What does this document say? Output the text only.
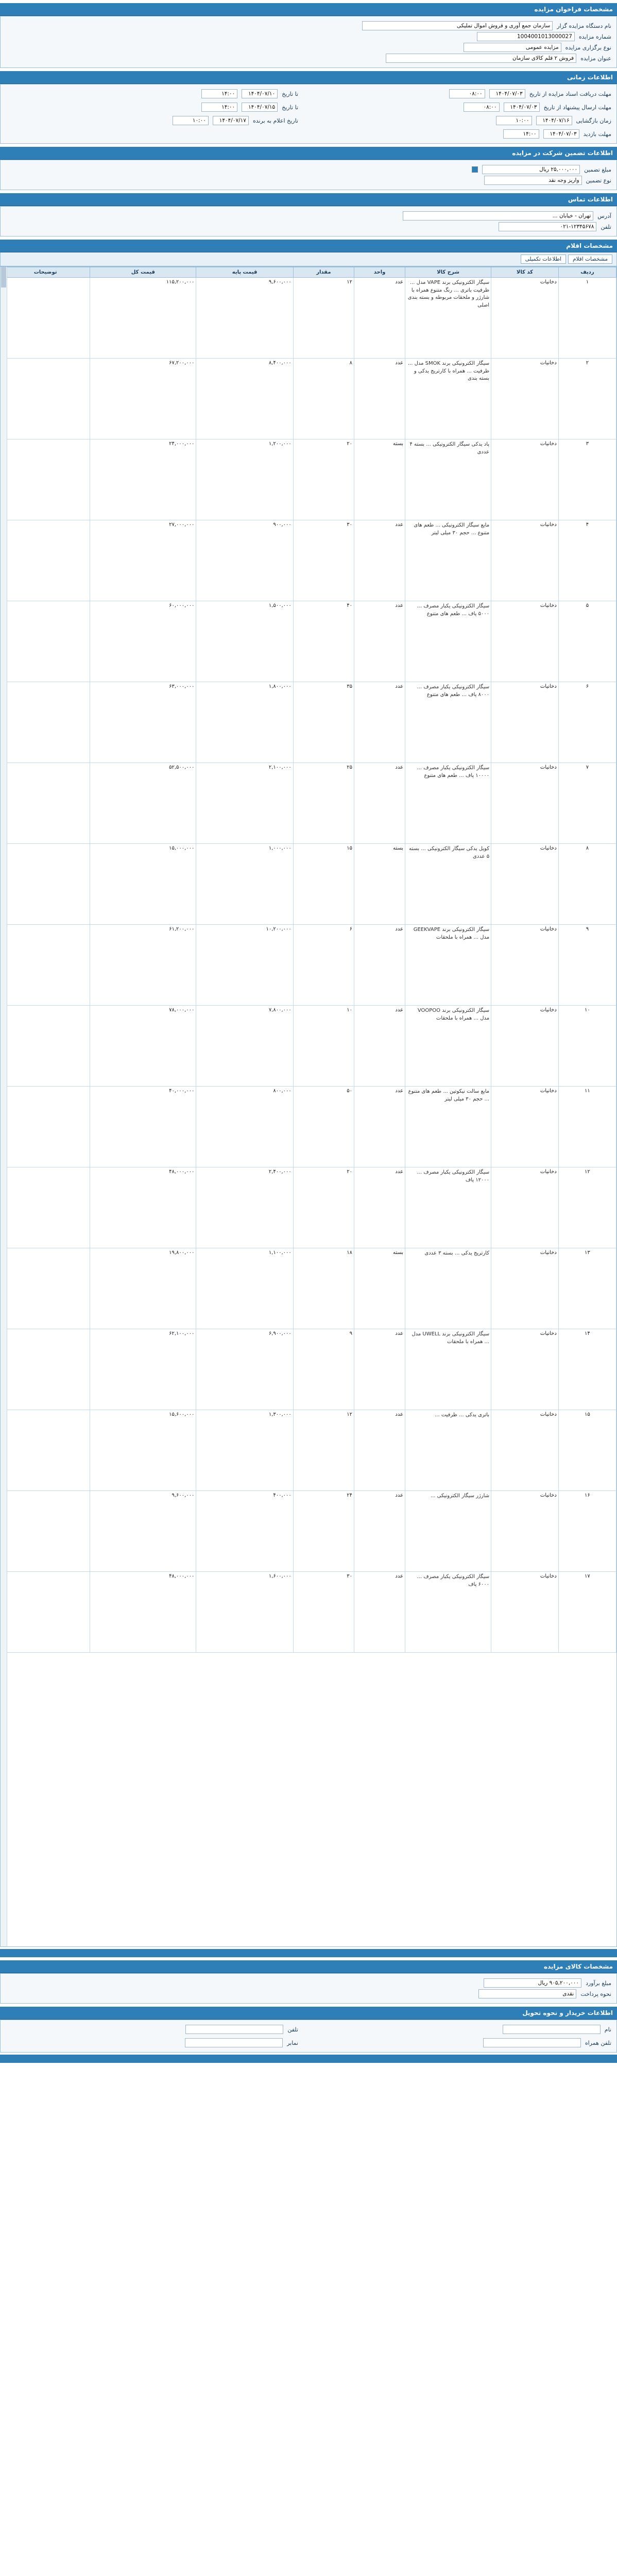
مشخصات فراخوان مزایده
نام دستگاه مزایده گزار
سازمان جمع آوری و فروش اموال تملیکی
شماره مزایده
1004001013000027
نوع برگزاری مزایده
مزایده عمومی
عنوان مزایده
فروش ۲ قلم کالای سازمان
اطلاعات زمانی
مهلت دریافت اسناد مزایده از تاریخ
۱۴۰۴/۰۷/۰۳
۰۸:۰۰
تا تاریخ
۱۴۰۴/۰۷/۱۰
۱۴:۰۰
مهلت ارسال پیشنهاد از تاریخ
۱۴۰۴/۰۷/۰۳
۰۸:۰۰
تا تاریخ
۱۴۰۴/۰۷/۱۵
۱۴:۰۰
زمان بازگشایی
۱۴۰۴/۰۷/۱۶
۱۰:۰۰
تاریخ اعلام به برنده
۱۴۰۴/۰۷/۱۷
۱۰:۰۰
مهلت بازدید
۱۴۰۴/۰۷/۰۳
۱۴:۰۰
اطلاعات تضمین شرکت در مزایده
مبلغ تضمین
۲۵,۰۰۰,۰۰۰ ریال
نوع تضمین
واریز وجه نقد
اطلاعات تماس
آدرس
تهران - خیابان ...
تلفن
۰۲۱-۱۲۳۴۵۶۷۸
مشخصات اقلام
مشخصات اقلام
اطلاعات تکمیلی
ردیف	کد کالا	شرح کالا	واحد	مقدار	قیمت پایه	قیمت کل	توضیحات
۱	دخانیات	سیگار الکترونیکی برند VAPE مدل ... ظرفیت باتری ... رنگ متنوع همراه با شارژر و ملحقات مربوطه و بسته بندی اصلی	عدد	۱۲	۹,۶۰۰,۰۰۰	۱۱۵,۲۰۰,۰۰۰	
۲	دخانیات	سیگار الکترونیکی برند SMOK مدل ... ظرفیت ... همراه با کارتریج یدکی و بسته بندی	عدد	۸	۸,۴۰۰,۰۰۰	۶۷,۲۰۰,۰۰۰	
۳	دخانیات	پاد یدکی سیگار الکترونیکی ... بسته ۴ عددی	بسته	۲۰	۱,۲۰۰,۰۰۰	۲۴,۰۰۰,۰۰۰	
۴	دخانیات	مایع سیگار الکترونیکی ... طعم های متنوع ... حجم ۳۰ میلی لیتر	عدد	۳۰	۹۰۰,۰۰۰	۲۷,۰۰۰,۰۰۰	
۵	دخانیات	سیگار الکترونیکی یکبار مصرف ... ۵۰۰۰ پاف ... طعم های متنوع	عدد	۴۰	۱,۵۰۰,۰۰۰	۶۰,۰۰۰,۰۰۰	
۶	دخانیات	سیگار الکترونیکی یکبار مصرف ... ۸۰۰۰ پاف ... طعم های متنوع	عدد	۳۵	۱,۸۰۰,۰۰۰	۶۳,۰۰۰,۰۰۰	
۷	دخانیات	سیگار الکترونیکی یکبار مصرف ... ۱۰۰۰۰ پاف ... طعم های متنوع	عدد	۲۵	۲,۱۰۰,۰۰۰	۵۲,۵۰۰,۰۰۰	
۸	دخانیات	کویل یدکی سیگار الکترونیکی ... بسته ۵ عددی	بسته	۱۵	۱,۰۰۰,۰۰۰	۱۵,۰۰۰,۰۰۰	
۹	دخانیات	سیگار الکترونیکی برند GEEKVAPE مدل ... همراه با ملحقات	عدد	۶	۱۰,۲۰۰,۰۰۰	۶۱,۲۰۰,۰۰۰	
۱۰	دخانیات	سیگار الکترونیکی برند VOOPOO مدل ... همراه با ملحقات	عدد	۱۰	۷,۸۰۰,۰۰۰	۷۸,۰۰۰,۰۰۰	
۱۱	دخانیات	مایع سالت نیکوتین ... طعم های متنوع ... حجم ۳۰ میلی لیتر	عدد	۵۰	۸۰۰,۰۰۰	۴۰,۰۰۰,۰۰۰	
۱۲	دخانیات	سیگار الکترونیکی یکبار مصرف ... ۱۲۰۰۰ پاف	عدد	۲۰	۲,۴۰۰,۰۰۰	۴۸,۰۰۰,۰۰۰	
۱۳	دخانیات	کارتریج یدکی ... بسته ۳ عددی	بسته	۱۸	۱,۱۰۰,۰۰۰	۱۹,۸۰۰,۰۰۰	
۱۴	دخانیات	سیگار الکترونیکی برند UWELL مدل ... همراه با ملحقات	عدد	۹	۶,۹۰۰,۰۰۰	۶۲,۱۰۰,۰۰۰	
۱۵	دخانیات	باتری یدکی ... ظرفیت ...	عدد	۱۲	۱,۳۰۰,۰۰۰	۱۵,۶۰۰,۰۰۰	
۱۶	دخانیات	شارژر سیگار الکترونیکی ...	عدد	۲۴	۴۰۰,۰۰۰	۹,۶۰۰,۰۰۰	
۱۷	دخانیات	سیگار الکترونیکی یکبار مصرف ... ۶۰۰۰ پاف	عدد	۳۰	۱,۶۰۰,۰۰۰	۴۸,۰۰۰,۰۰۰	
مشخصات کالای مزایده
مبلغ برآورد
۹۰۵,۲۰۰,۰۰۰ ریال
نحوه پرداخت
نقدی
اطلاعات خریدار و نحوه تحویل
نام
تلفن
تلفن همراه
نمابر
